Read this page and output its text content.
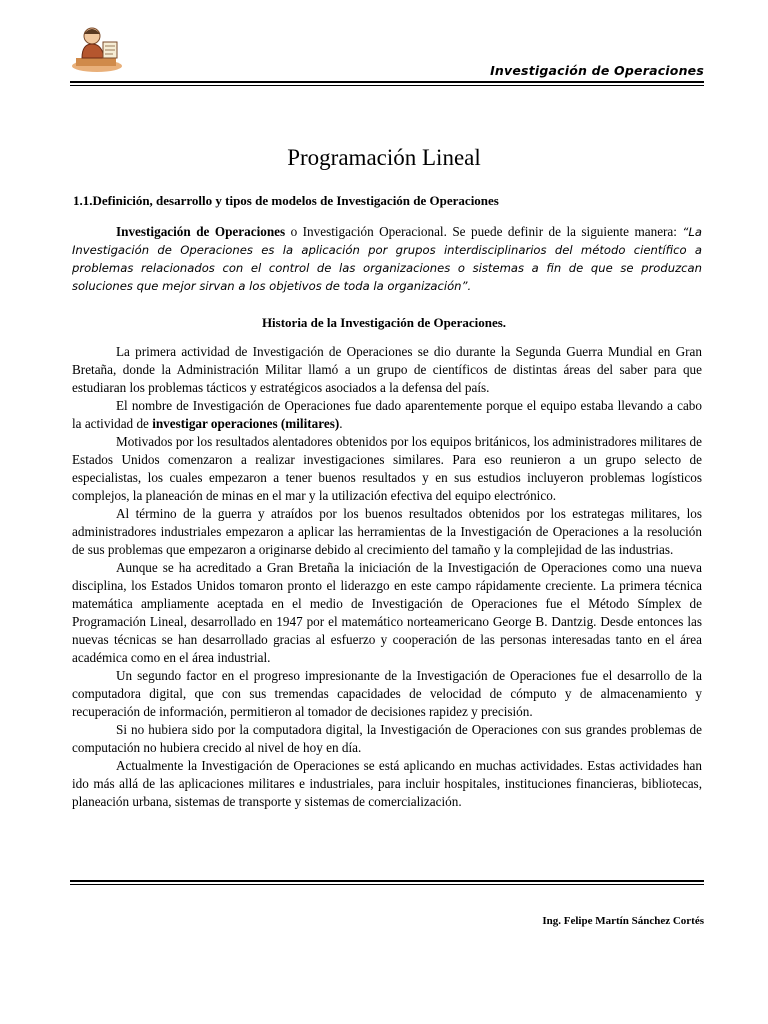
Investigación de Operaciones
Programación Lineal
1.1.Definición, desarrollo y tipos de modelos de Investigación de Operaciones

Investigación de Operaciones o Investigación Operacional. Se puede definir de la siguiente manera: “La Investigación de Operaciones es la aplicación por grupos interdisciplinarios del método científico a problemas relacionados con el control de las organizaciones o sistemas a fin de que se produzcan soluciones que mejor sirvan a los objetivos de toda la organización”.

Historia de la Investigación de Operaciones.

La primera actividad de Investigación de Operaciones se dio durante la Segunda Guerra Mundial en Gran Bretaña, donde la Administración Militar llamó a un grupo de científicos de distintas áreas del saber para que estudiaran los problemas tácticos y estratégicos asociados a la defensa del país.

El nombre de Investigación de Operaciones fue dado aparentemente porque el equipo estaba llevando a cabo la actividad de investigar operaciones (militares).

Motivados por los resultados alentadores obtenidos por los equipos británicos, los administradores militares de Estados Unidos comenzaron a realizar investigaciones similares. Para eso reunieron a un grupo selecto de especialistas, los cuales empezaron a tener buenos resultados y en sus estudios incluyeron problemas logísticos complejos, la planeación de minas en el mar y la utilización efectiva del equipo electrónico.

Al término de la guerra y atraídos por los buenos resultados obtenidos por los estrategas militares, los administradores industriales empezaron a aplicar las herramientas de la Investigación de Operaciones a la resolución de sus problemas que empezaron a originarse debido al crecimiento del tamaño y la complejidad de las industrias.

Aunque se ha acreditado a Gran Bretaña la iniciación de la Investigación de Operaciones como una nueva disciplina, los Estados Unidos tomaron pronto el liderazgo en este campo rápidamente creciente. La primera técnica matemática ampliamente aceptada en el medio de Investigación de Operaciones fue el Método Símplex de Programación Lineal, desarrollado en 1947 por el matemático norteamericano George B. Dantzig. Desde entonces las nuevas técnicas se han desarrollado gracias al esfuerzo y cooperación de las personas interesadas tanto en el área académica como en el área industrial.

Un segundo factor en el progreso impresionante de la Investigación de Operaciones fue el desarrollo de la computadora digital, que con sus tremendas capacidades de velocidad de cómputo y de almacenamiento y recuperación de información, permitieron al tomador de decisiones rapidez y precisión.

Si no hubiera sido por la computadora digital, la Investigación de Operaciones con sus grandes problemas de computación no hubiera crecido al nivel de hoy en día.

Actualmente la Investigación de Operaciones se está aplicando en muchas actividades. Estas actividades han ido más allá de las aplicaciones militares e industriales, para incluir hospitales, instituciones financieras, bibliotecas, planeación urbana, sistemas de transporte y sistemas de comercialización.

Ing. Felipe Martín Sánchez Cortés
